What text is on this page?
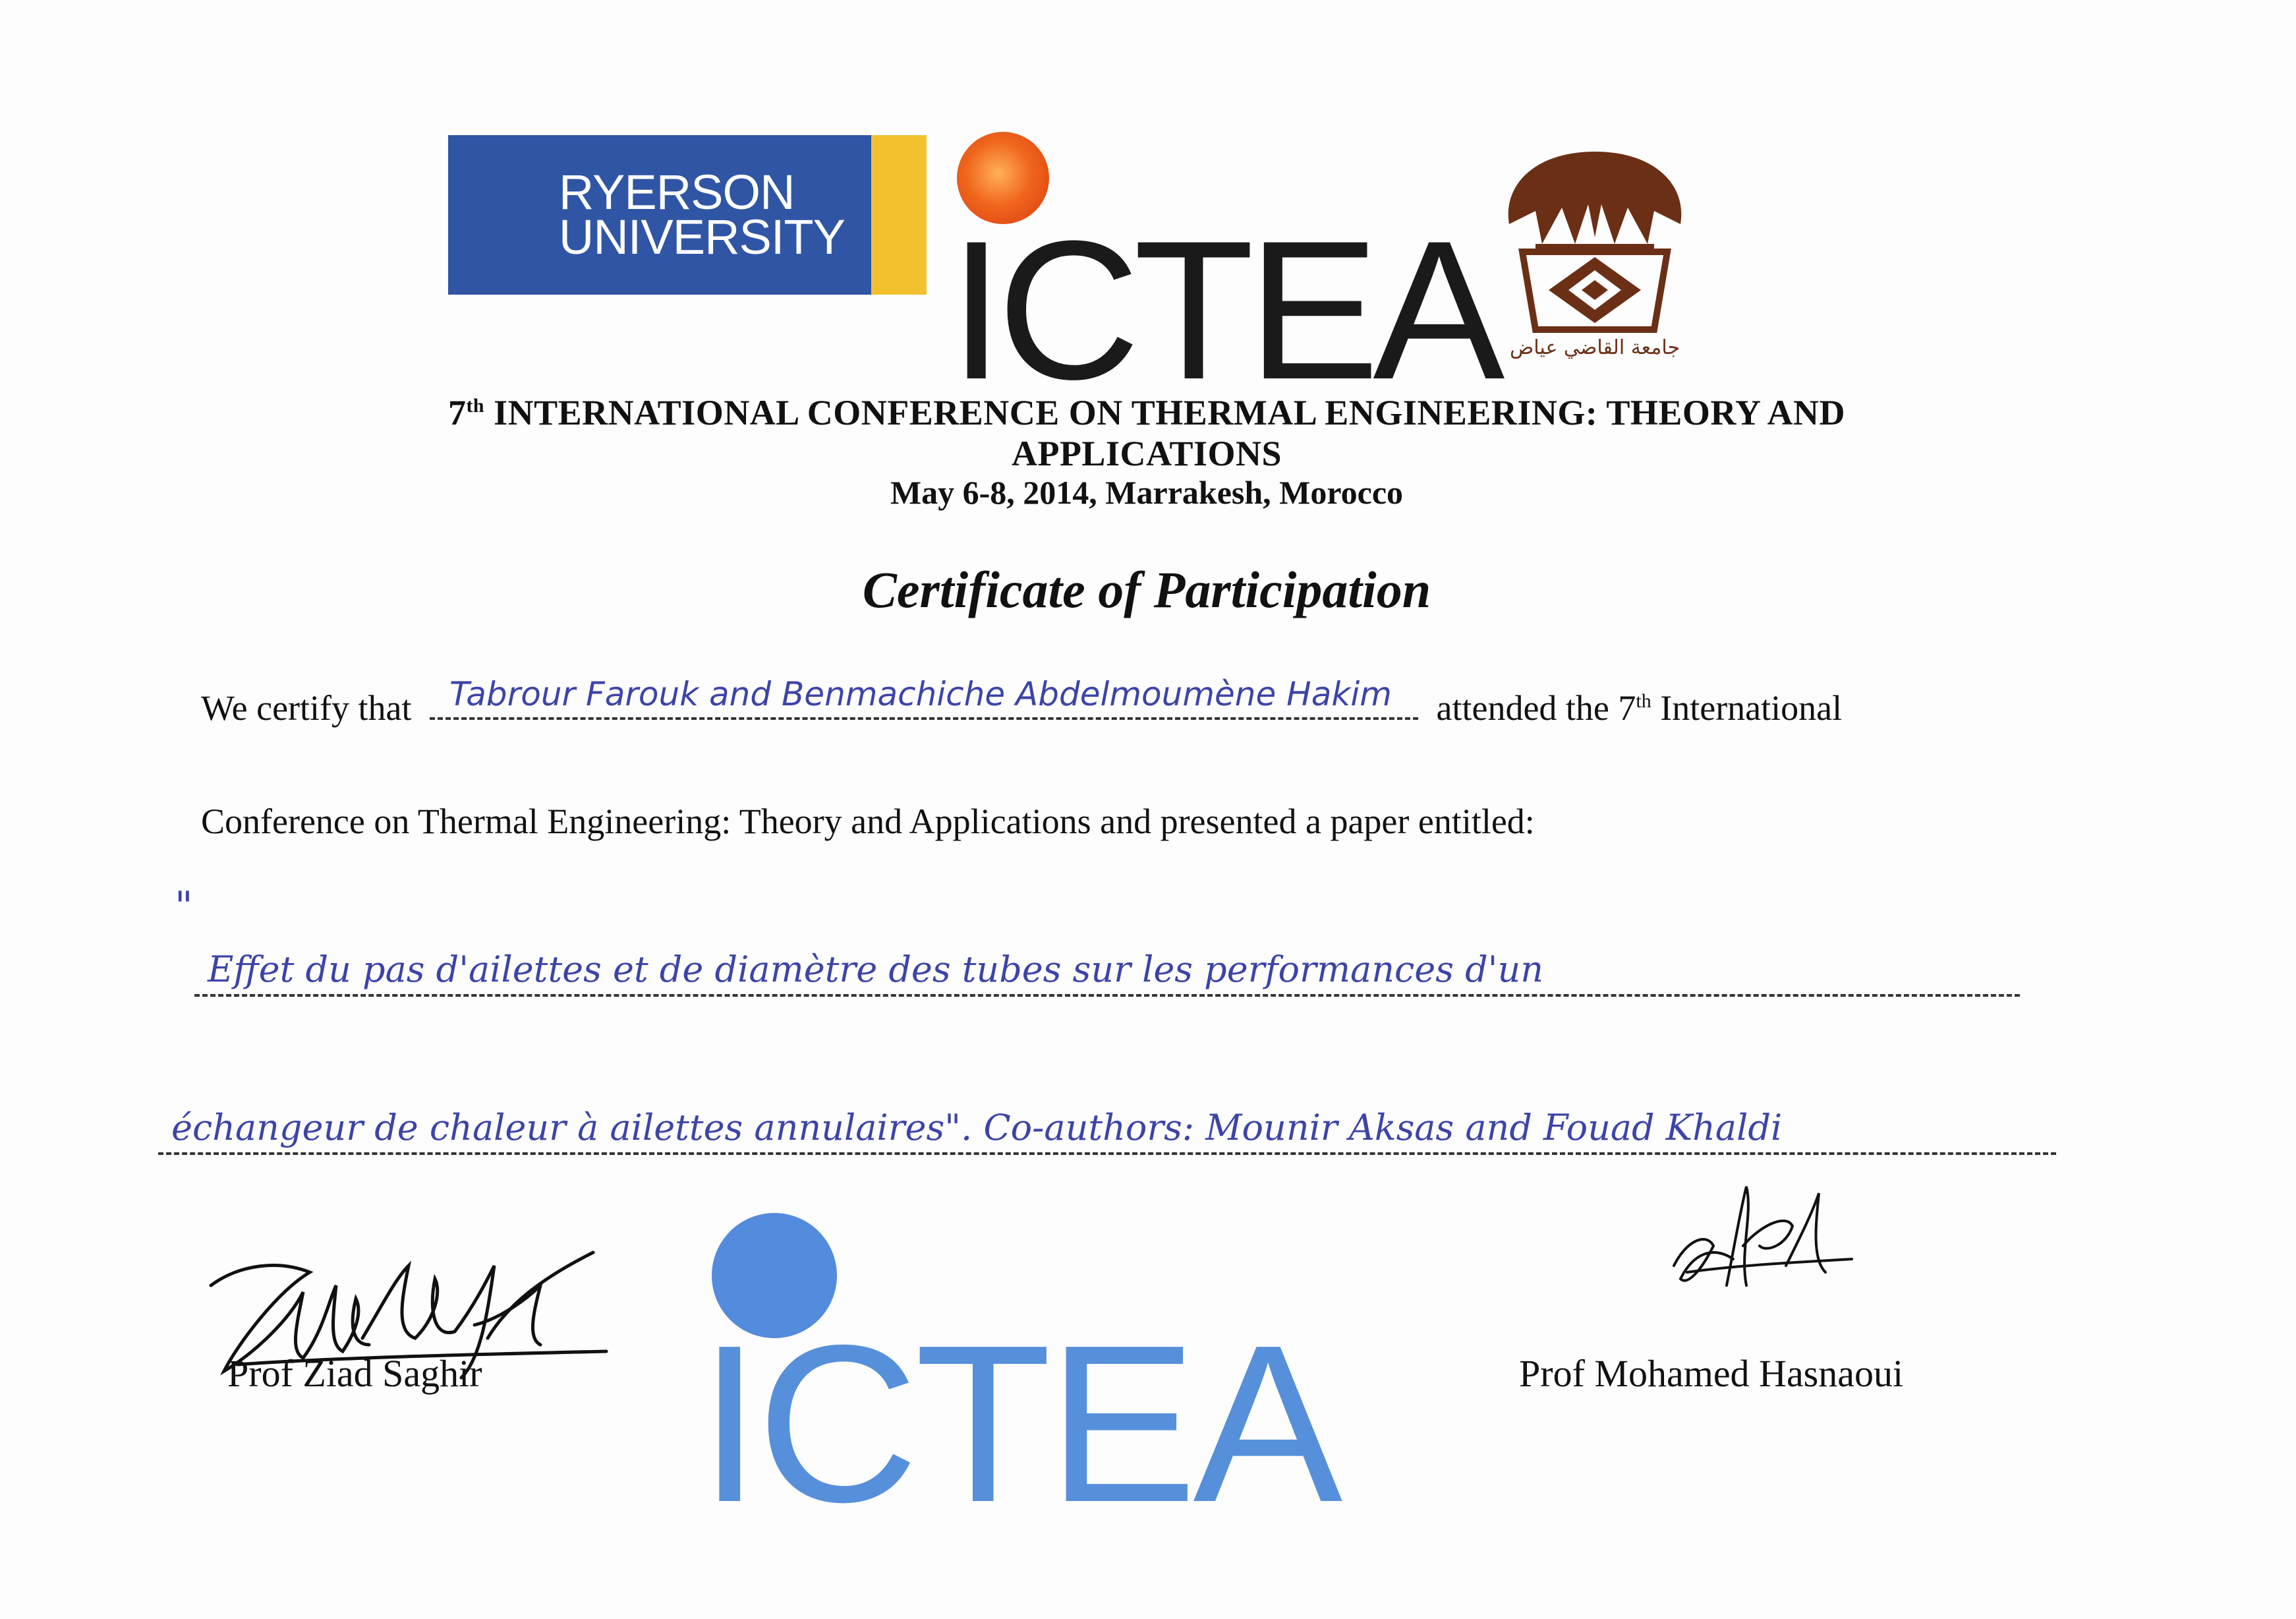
RYERSON
UNIVERSITY ICTEA جامعة القاضي عياض
7th INTERNATIONAL CONFERENCE ON THERMAL ENGINEERING: THEORY AND
APPLICATIONS
May 6-8, 2014, Marrakesh, Morocco
Certificate of Participation
We certify that Tabrour Farouk and Benmachiche Abdelmoumène Hakim attended the 7th International
Conference on Thermal Engineering: Theory and Applications and presented a paper entitled:
"
Effet du pas d'ailettes et de diamètre des tubes sur les performances d'un
échangeur de chaleur à ailettes annulaires". Co-authors: Mounir Aksas and Fouad Khaldi
Prof Ziad Saghir	Prof Mohamed Hasnaoui
ICTEA
